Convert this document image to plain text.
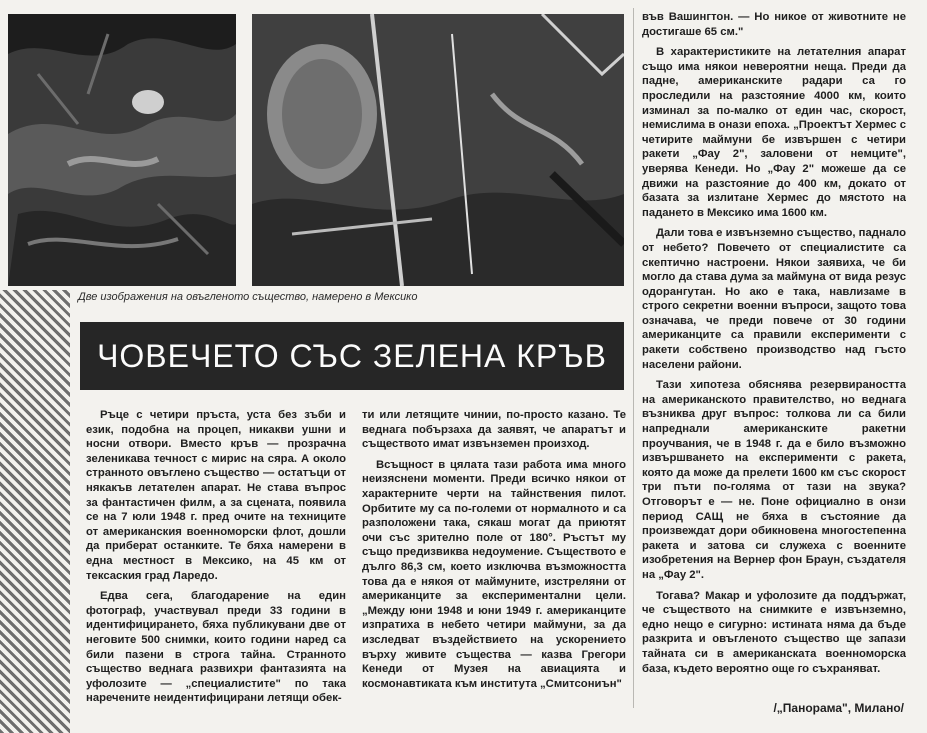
Две изображения на овъгленото същество, намерено в Мексико
ЧОВЕЧЕТО СЪС ЗЕЛЕНА КРЪВ

Ръце с четири пръста, уста без зъби и език, подобна на процеп, никакви ушни и носни отвори. Вместо кръв — прозрачна зеленикава течност с мирис на сяра. А около странното овъглено същество — остатъци от някакъв летателен апарат. Не става въпрос за фантастичен филм, а за сцената, появила се на 7 юли 1948 г. пред очите на техниците от американския военноморски флот, дошли да приберат останките. Те бяха намерени в една местност в Мексико, на 45 км от тексаския град Ларедо.

Едва сега, благодарение на един фотограф, участвувал преди 33 години в идентифицирането, бяха публикувани две от неговите 500 снимки, които години наред са били пазени в строга тайна. Странното същество веднага развихри фантазията на уфолозите — „специалистите" по така наречените неидентифицирани летящи обек-

ти или летящите чинии, по-просто казано. Те веднага побързаха да заявят, че апаратът и съществото имат извънземен произход.

Всъщност в цялата тази работа има много неизяснени моменти. Преди всичко някои от характерните черти на тайнствения пилот. Орбитите му са по-големи от нормалното и са разположени така, сякаш могат да приютят очи със зрително поле от 180°. Ръстът му също предизвиква недоумение. Съществото е дълго 86,3 см, което изключва възможността това да е някоя от маймуните, изстреляни от американците за експериментални цели. „Между юни 1948 и юни 1949 г. американците изпратиха в небето четири маймуни, за да изследват въздействието на ускорението върху живите същества — казва Грегори Кенеди от Музея на авиацията и космонавтиката към института „Смитсониън"

във Вашингтон. — Но никое от животните не достигаше 65 см."

В характеристиките на летателния апарат също има някои невероятни неща. Преди да падне, американските радари са го проследили на разстояние 4000 км, които изминал за по-малко от един час, скорост, немислима в онази епоха. „Проектът Хермес с четирите маймуни бе извършен с четири ракети „Фау 2", заловени от немците", уверява Кенеди. Но „Фау 2" можеше да се движи на разстояние до 400 км, докато от базата за излитане Хермес до мястото на падането в Мексико има 1600 км.

Дали това е извънземно същество, паднало от небето? Повечето от специалистите са скептично настроени. Някои заявиха, че би могло да става дума за маймуна от вида резус одорангутан. Но ако е така, навлизаме в строго секретни военни въпроси, защото това означава, че преди повече от 30 години американците са правили експерименти с ракети собствено производство над гъсто населени райони.

Тази хипотеза обяснява резервираността на американското правителство, но веднага възниква друг въпрос: толкова ли са били напреднали американските ракетни проучвания, че в 1948 г. да е било възможно извършването на експерименти с ракета, която да може да прелети 1600 км със скорост три пъти по-голяма от тази на звука? Отговорът е — не. Поне официално в онзи период САЩ не бяха в състояние да произвеждат дори обикновена многостепенна ракета и затова си служеха с военните изобретения на Вернер фон Браун, създателя на „Фау 2".

Тогава? Макар и уфолозите да поддържат, че съществото на снимките е извънземно, едно нещо е сигурно: истината няма да бъде разкрита и овъгленото същество ще запази тайната си в американската военноморска база, където вероятно още го съхраняват.

/„Панорама", Милано/
